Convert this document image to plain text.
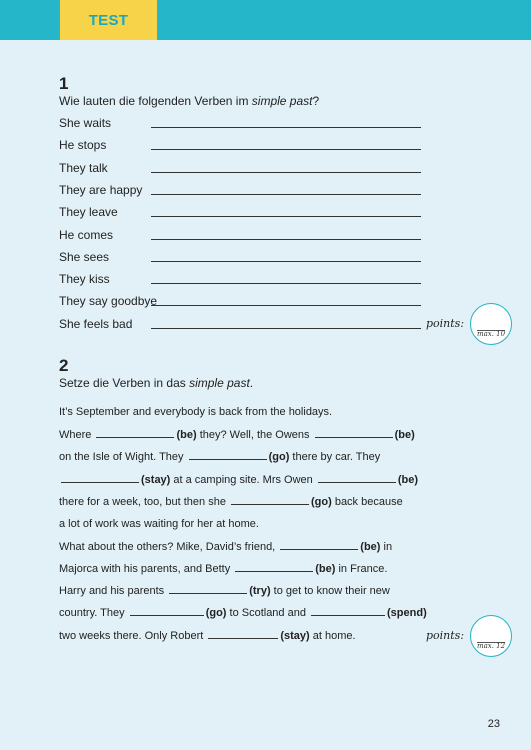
TEST
1
Wie lauten die folgenden Verben im simple past?
She waits
He stops
They talk
They are happy
They leave
He comes
She sees
They kiss
They say goodbye
She feels bad	points:
max. 10
2
Setze die Verben in das simple past.
It’s September and everybody is back from the holidays.
Where	(be) they? Well, the Owens	(be)
on the Isle of Wight. They	(go) there by car. They
(stay) at a camping site. Mrs Owen	(be)
there for a week, too, but then she	(go) back because
a lot of work was waiting for her at home.
What about the others? Mike, David’s friend,	(be) in
Majorca with his parents, and Betty	(be) in France.
Harry and his parents	(try) to get to know their new
country. They	(go) to Scotland and	(spend)
two weeks there. Only Robert	(stay) at home.	points:
max. 12
23
